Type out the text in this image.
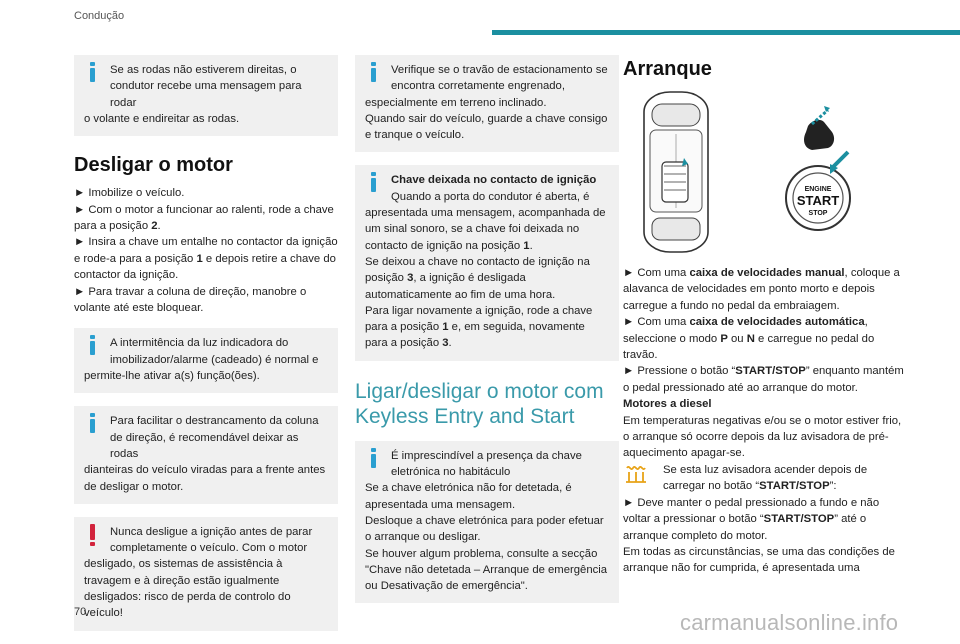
Condução
Se as rodas não estiverem direitas, o condutor recebe uma mensagem para rodar
o volante e endireitar as rodas.
Desligar o motor

► Imobilize o veículo.

► Com o motor a funcionar ao ralenti, rode a chave para a posição 2.

► Insira a chave um entalhe no contactor da ignição e rode-a para a posição 1 e depois retire a chave do contactor da ignição.

► Para travar a coluna de direção, manobre o volante até este bloquear.

A intermitência da luz indicadora do imobilizador/alarme (cadeado) é normal e
permite-lhe ativar a(s) função(ões).
Para facilitar o destrancamento da coluna de direção, é recomendável deixar as rodas
dianteiras do veículo viradas para a frente antes de desligar o motor.
Nunca desligue a ignição antes de parar completamente o veículo. Com o motor
desligado, os sistemas de assistência à travagem e à direção estão igualmente desligados: risco de perda de controlo do veículo!
Verifique se o travão de estacionamento se encontra corretamente engrenado,
especialmente em terreno inclinado.
Quando sair do veículo, guarde a chave consigo e tranque o veículo.
Chave deixada no contacto de ignição
Quando a porta do condutor é aberta, é
apresentada uma mensagem, acompanhada de um sinal sonoro, se a chave foi deixada no contacto de ignição na posição 1.
Se deixou a chave no contacto de ignição na posição 3, a ignição é desligada automaticamente ao fim de uma hora.
Para ligar novamente a ignição, rode a chave para a posição 1 e, em seguida, novamente para a posição 3.
Ligar/desligar o motor com Keyless Entry and Start
É imprescindível a presença da chave eletrónica no habitáculo
Se a chave eletrónica não for detetada, é apresentada uma mensagem.
Desloque a chave eletrónica para poder efetuar o arranque ou desligar.
Se houver algum problema, consulte a secção "Chave não detetada – Arranque de emergência ou Desativação de emergência".
Arranque
ENGINE
START
STOP

► Com uma caixa de velocidades manual, coloque a alavanca de velocidades em ponto morto e depois carregue a fundo no pedal da embraiagem.

► Com uma caixa de velocidades automática, seleccione o modo P ou N e carregue no pedal do travão.

► Pressione o botão “START/STOP” enquanto mantém o pedal pressionado até ao arranque do motor.

Motores a diesel

Em temperaturas negativas e/ou se o motor estiver frio, o arranque só ocorre depois da luz avisadora de pré-aquecimento apagar-se.

Se esta luz avisadora acender depois de carregar no botão “START/STOP”:

► Deve manter o pedal pressionado a fundo e não voltar a pressionar o botão “START/STOP” até o arranque completo do motor.

Em todas as circunstâncias, se uma das condições de arranque não for cumprida, é apresentada uma

70	carmanualsonline.info
